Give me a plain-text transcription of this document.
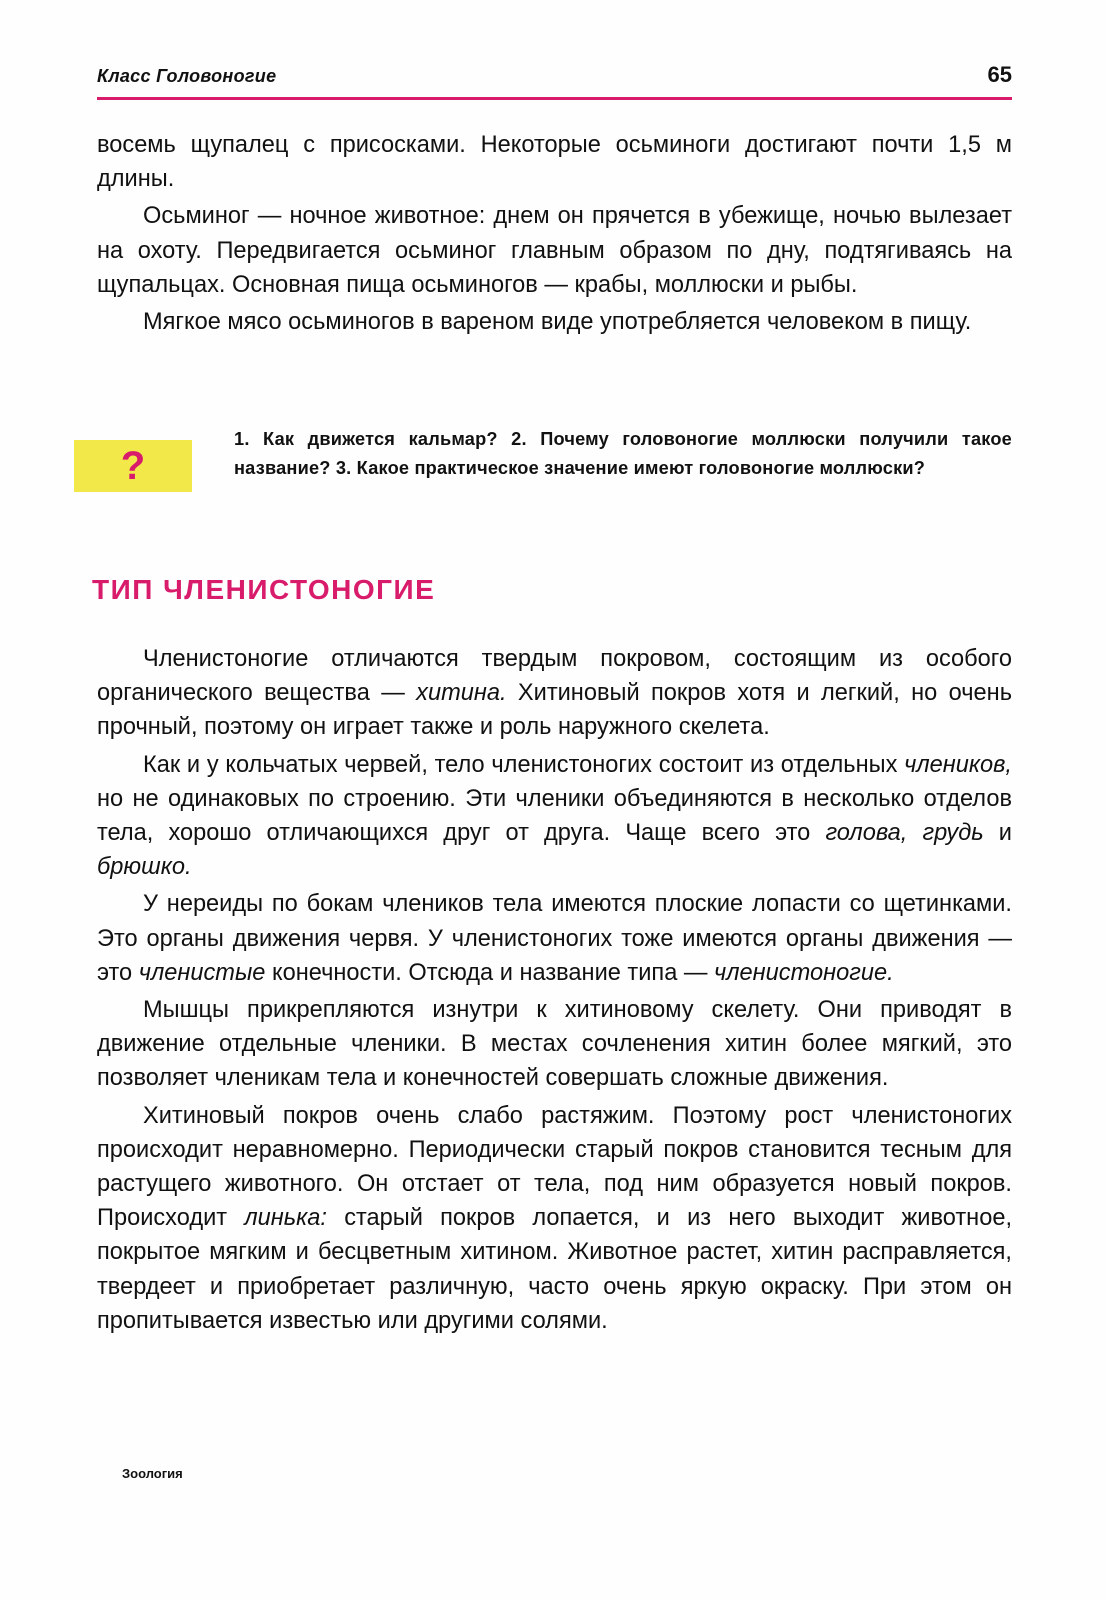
Класс Головоногие	65

восемь щупалец с присосками. Некоторые осьминоги достигают почти 1,5 м длины.

Осьминог — ночное животное: днем он прячется в убежище, ночью вылезает на охоту. Передвигается осьминог главным образом по дну, подтягиваясь на щупальцах. Основная пища осьминогов — крабы, моллюски и рыбы.

Мягкое мясо осьминогов в вареном виде употребляется человеком в пищу.

?
1. Как движется кальмар? 2. Почему головоногие моллюски получили такое название? 3. Какое практическое значение имеют головоногие моллюски?
ТИП ЧЛЕНИСТОНОГИЕ

Членистоногие отличаются твердым покровом, состоящим из особого органического вещества — хитина. Хитиновый покров хотя и легкий, но очень прочный, поэтому он играет также и роль наружного скелета.

Как и у кольчатых червей, тело членистоногих состоит из отдельных члеников, но не одинаковых по строению. Эти членики объединяются в несколько отделов тела, хорошо отличающихся друг от друга. Чаще всего это голова, грудь и брюшко.

У нереиды по бокам члеников тела имеются плоские лопасти со щетинками. Это органы движения червя. У членистоногих тоже имеются органы движения — это членистые конечности. Отсюда и название типа — членистоногие.

Мышцы прикрепляются изнутри к хитиновому скелету. Они приводят в движение отдельные членики. В местах сочленения хитин более мягкий, это позволяет членикам тела и конечностей совершать сложные движения.

Хитиновый покров очень слабо растяжим. Поэтому рост членистоногих происходит неравномерно. Периодически старый покров становится тесным для растущего животного. Он отстает от тела, под ним образуется новый покров. Происходит линька: старый покров лопается, и из него выходит животное, покрытое мягким и бесцветным хитином. Животное растет, хитин расправляется, твердеет и приобретает различную, часто очень яркую окраску. При этом он пропитывается известью или другими солями.

Зоология
